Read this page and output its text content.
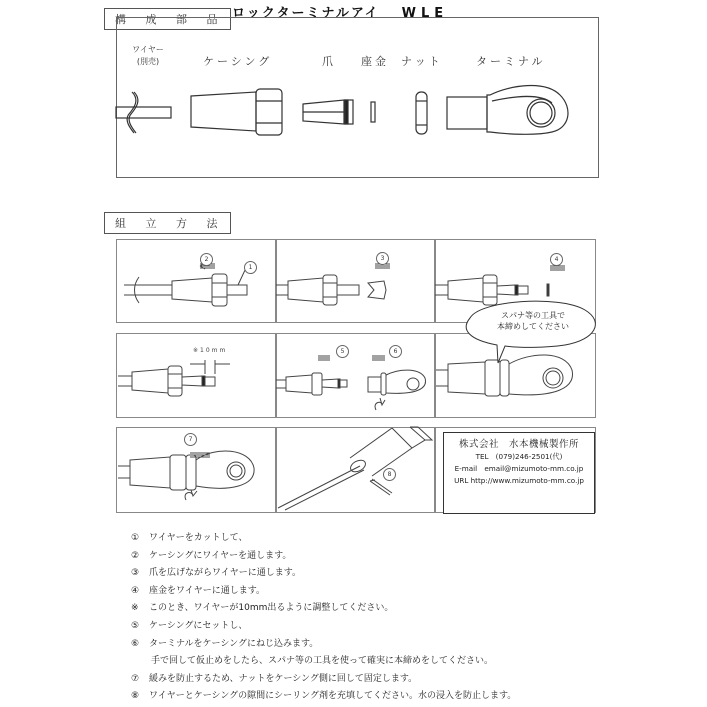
構 成 部 品 ロックターミナルアイ WLE
ワイヤー
(別売)	ケーシング	爪 座金 ナット	ターミナル
組 立 方 法
2
1
3	4
5	6
7
8
※10mm
スパナ等の工具で
本締めしてください
株式会社　水本機械製作所
TEL　(079)246-2501(代)
E-mail　email@mizumoto-mm.co.jp
URL http://www.mizumoto-mm.co.jp
① ワイヤーをカットして、
② ケーシングにワイヤーを通します。
③ 爪を広げながらワイヤーに通します。
④ 座金をワイヤーに通します。
※ このとき、ワイヤーが10mm出るように調整してください。
⑤ ケーシングにセットし、
⑥ ターミナルをケーシングにねじ込みます。
手で回して仮止めをしたら、スパナ等の工具を使って確実に本締めをしてください。
⑦ 緩みを防止するため、ナットをケーシング側に回して固定します。
⑧ ワイヤーとケーシングの隙間にシーリング剤を充填してください。水の浸入を防止します。
